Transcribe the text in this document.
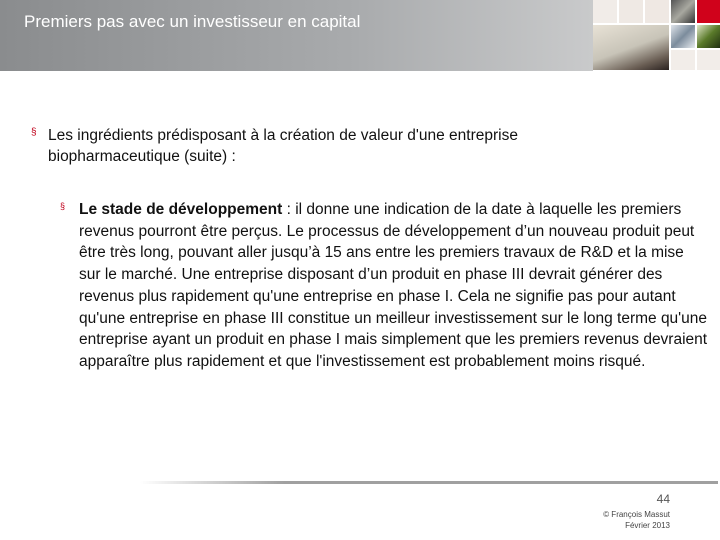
Premiers pas avec un investisseur en capital
§ Les ingrédients prédisposant à la création de valeur d'une entreprise biopharmaceutique (suite) :
§ Le stade de développement : il donne une indication de la date à laquelle les premiers revenus pourront être perçus. Le processus de développement d’un nouveau produit peut être très long, pouvant aller jusqu’à 15 ans entre les premiers travaux de R&D et la mise sur le marché. Une entreprise disposant d’un produit en phase III devrait générer des revenus plus rapidement qu'une entreprise en phase I. Cela ne signifie pas pour autant qu'une entreprise en phase III constitue un meilleur investissement sur le long terme qu'une entreprise ayant un produit en phase I mais simplement que les premiers revenus devraient apparaître plus rapidement et que l'investissement est probablement moins risqué.
44
© François Massut
Février 2013
